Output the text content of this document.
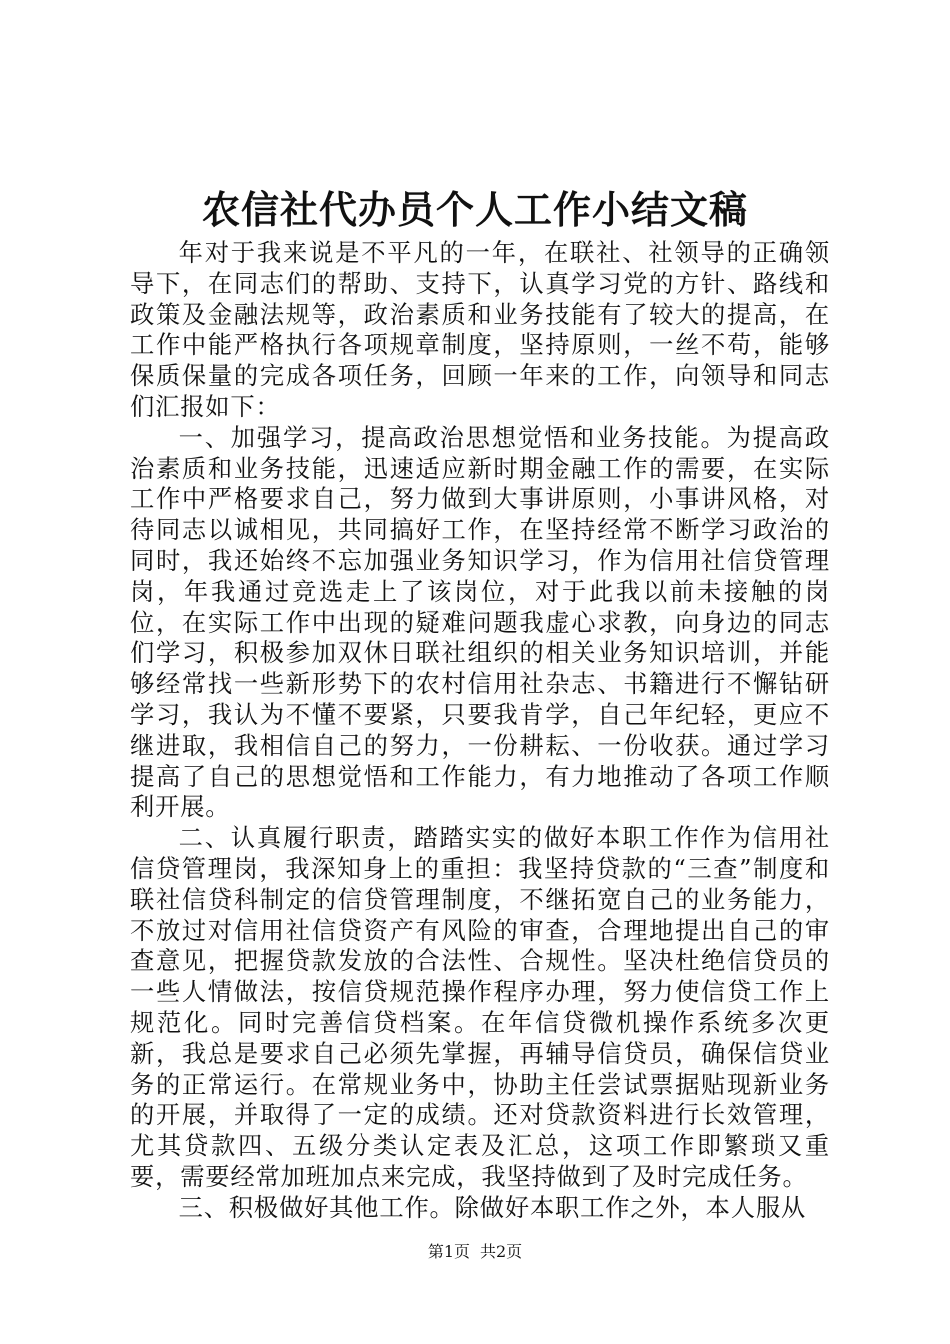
农信社代办员个人工作小结文稿

年对于我来说是不平凡的一年，在联社、社领导的正确领导下，在同志们的帮助、支持下，认真学习党的方针、路线和政策及金融法规等，政治素质和业务技能有了较大的提高，在工作中能严格执行各项规章制度，坚持原则，一丝不苟，能够保质保量的完成各项任务，回顾一年来的工作，向领导和同志们汇报如下：

一、加强学习，提高政治思想觉悟和业务技能。为提高政治素质和业务技能，迅速适应新时期金融工作的需要，在实际工作中严格要求自己，努力做到大事讲原则，小事讲风格，对待同志以诚相见，共同搞好工作，在坚持经常不断学习政治的同时，我还始终不忘加强业务知识学习，作为信用社信贷管理岗，年我通过竞选走上了该岗位，对于此我以前未接触的岗位，在实际工作中出现的疑难问题我虚心求教，向身边的同志们学习，积极参加双休日联社组织的相关业务知识培训，并能够经常找一些新形势下的农村信用社杂志、书籍进行不懈钻研学习，我认为不懂不要紧，只要我肯学，自己年纪轻，更应不继进取，我相信自己的努力，一份耕耘、一份收获。通过学习提高了自己的思想觉悟和工作能力，有力地推动了各项工作顺利开展。

二、认真履行职责，踏踏实实的做好本职工作作为信用社信贷管理岗，我深知身上的重担：我坚持贷款的“三查”制度和联社信贷科制定的信贷管理制度，不继拓宽自己的业务能力，不放过对信用社信贷资产有风险的审查，合理地提出自己的审查意见，把握贷款发放的合法性、合规性。坚决杜绝信贷员的一些人情做法，按信贷规范操作程序办理，努力使信贷工作上规范化。同时完善信贷档案。在年信贷微机操作系统多次更新，我总是要求自己必须先掌握，再辅导信贷员，确保信贷业务的正常运行。在常规业务中，协助主任尝试票据贴现新业务的开展，并取得了一定的成绩。还对贷款资料进行长效管理，尤其贷款四、五级分类认定表及汇总，这项工作即繁琐又重要，需要经常加班加点来完成，我坚持做到了及时完成任务。

三、积极做好其他工作。除做好本职工作之外，本人服从

第1页 共2页
